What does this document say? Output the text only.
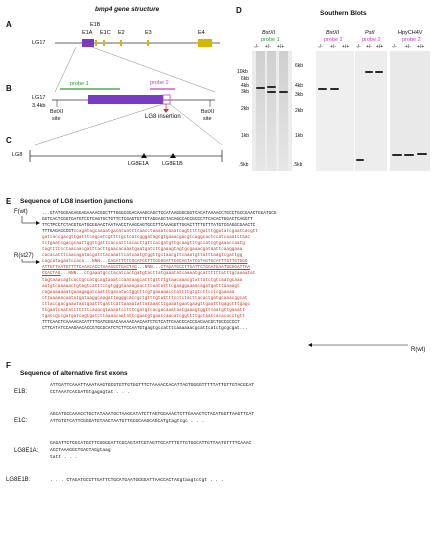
A
bmp4 gene structure
LG17
E1B
E1A E1C E2	E3	E4
B
LG17
3.4kb
probe 1	probe 2
BstXI
site
BstXI
site
LG8 insertion
C
LG8
LG8E1A LG8E1B
D	Southern Blots
BstXI
probe 1
BstXI
probe 2
PstI
probe 2
HpyCH4V
probe 2
-/- +/- +/+	-/- +/- +/+ -/- +/- +/+ -/- +/- +/+
10kb
6kb
4kb
3kb
2kb
1kb
.5kb
6kb
4kb
3kb
2kb
1kb
.5kb
E Sequence of LG8 insertion junctions
F(wt)
R(st27)
R(wt)
...GTATGGGAGAGGAGAAAACGGCTTTGGGCGGACAAAGCAGCTCCATAAGGGCGGTCACATAAAACCTGCCTGCCGAACTGGATGCG
GGTCACTCGGTGATGTCCTCAGTGCTGTTCTCGAGTGTTCTAGGAGCTACAGCCACCGCCCTTCACACTGGACTCAGGTT
TTCTPCCTCTACGTGATGCGGAACTAATAACCTAAGCAGTGCCTTCAAAGGTTGGACTTTTGTTTATGTCGAGGCGAACTC
TTTGAGACCCGTccagatagcaaaatgacataatttcaacctaaaatcaaatcagtttttgatttggatatcgaatcacgtt
gatcaccgacgttgatttcagcatcgttttgctcatcgggatagtgtgaaacgacgtcaggcactccatcaaatctaac
tctgaatcgacgcaattggttgattcaccatttacacttgttcacgatgttgcaagtttgccatcgtgaaaccaatg
tagttttcctaacaacgatttacttgaacacaaatgaatgatcttgaaagtagtgcgaaacgataattcaaggaaa
cacacatttcaacagatacgatttacaaattcatcaatgtggttgctaacgttcaaatgttatttaagtcgattgg
cagcatagaatccaca...NNN...GAGATTCTCGCATGCTTCGGGGATTCGCAGTATCGTAGTGCATTTGTTGTGGG
ATTGTTAATGTTTTCAAACACCTAAAGGCTGACTAG...NNN...CTAGATGCCTTGATTCTGCATGAATGGGGATTAA
CCACTAG...NNN...ctgaaatgcctacatcactgatgtacttatgaaatatcaaaatgcattttttatttgcaaaatat
tagtaaacagtcactgccatgcagtaaatccaataagcatttgttttgtaacaaacgtattatctgtcaatgcaaa
aatgtcaaaaactgtagtcatttccgtgggtaaaagaacttcaatatttcgaaggaaaacagatgatttaaaagt
cagaaaaaaatgaaagagatcaatttgacatactggtttcgtgaaaaacctattttgtgtcttcctcgaaaaa
cttaaaaacaatatgataaggcaagattagggcaccgctgtttgtattttcctctacttacactgatgcaaacggcat
tttaccgacgaaataatgaatttgattcattaaaatattataaatttgaaatgaatgaagttgaatttgagctttgagc
ttgaatcaatatctttttcaaacgtaaaatcctttcgatgtcacgacaaataatgaaagtggttcaatgttgaaatt
tgatcgccgatgatcagtgatcttaaaacaatattcgaatgtgaatcaacatcggttttgctaatcacacacctgtt
TTTCAACTCAAAACACATTTTGATGGGACAAAAACAACAATCTGTCATTCAACCCACCGACAACGCTGCCGCCCT
CTTCATATCCAAGAACACCGTGCGCATCTCTTCCAATGtgagtgccatttcaaaaaacgcattcatctgcgcgat...
F
Sequence of alternative first exons
E1B:
ATTGATTCAAATTAAATAAGTGCGTGTTGTGGTTTCTAAAACCACATTAGTGGGGTTTTTATTGTTGTACGCAT
CCTAAATCACGATGtgagagtat . . .
E1C:
AGCATGCCAAACCTGCTATAAATGCTAAGCATATCTTAGTGGAAACTCTTGAAACTCTACATGGTTAAGTTCAT
ATTGTGTCATTCGGGATGTAACTAATGTTGCGCAAGCAGCATgtagtcgc . . .
LG8E1A:
GAGATTCTCGCATGCTTCGGGGATTCGCAGTATCGTAGTTGCATTTGTTGTGGCATTGTTAATGTTTTCAAAC
ACCTAAAGGCTGACTAGgtaag
tatt . . .
LG8E1B:	. . . CTAGATGCCTTGATTCTGCATGAATGGGGATTAACCACTAGgtaagtctgt . . .
